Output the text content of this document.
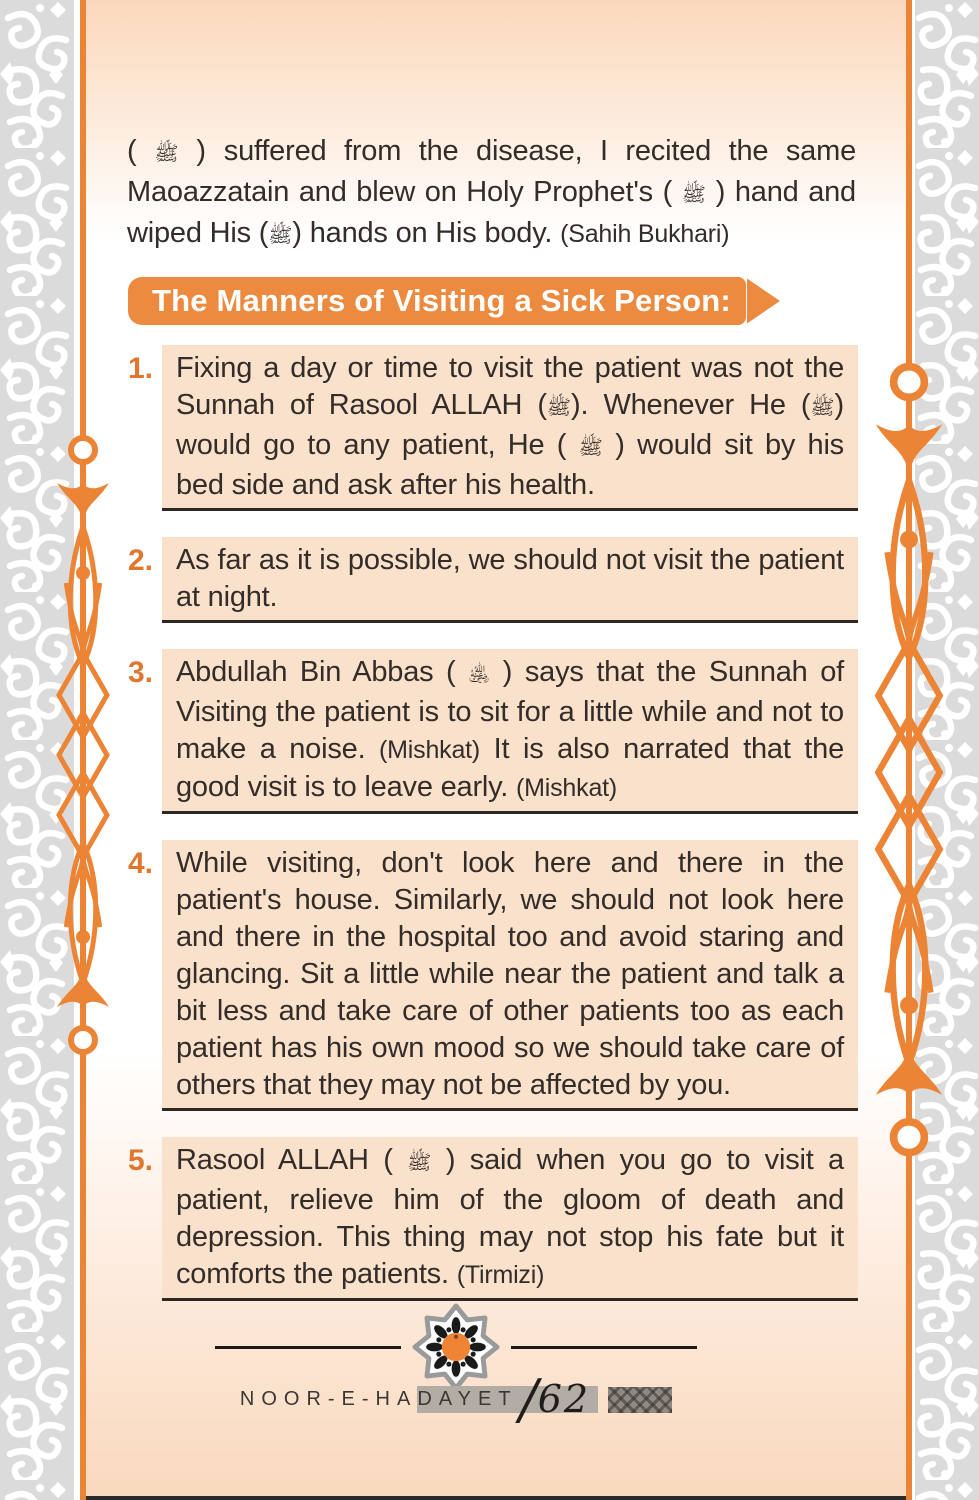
( ﷺ ) suffered from the disease, I recited the same Maoazzatain and blew on Holy Prophet's ( ﷺ ) hand and wiped His (ﷺ) hands on His body. (Sahih Bukhari)

The Manners of Visiting a Sick Person:
1. Fixing a day or time to visit the patient was not the Sunnah of Rasool ALLAH (ﷺ). Whenever He (ﷺ) would go to any patient, He ( ﷺ ) would sit by his bed side and ask after his health.
2. As far as it is possible, we should not visit the patient at night.
3. Abdullah Bin Abbas ( ﵁ ) says that the Sunnah of Visiting the patient is to sit for a little while and not to make a noise. (Mishkat) It is also narrated that the good visit is to leave early. (Mishkat)
4. While visiting, don't look here and there in the patient's house. Similarly, we should not look here and there in the hospital too and avoid staring and glancing. Sit a little while near the patient and talk a bit less and take care of other patients too as each patient has his own mood so we should take care of others that they may not be affected by you.
5. Rasool ALLAH ( ﷺ ) said when you go to visit a patient, relieve him of the gloom of death and depression. This thing may not stop his fate but it comforts the patients. (Tirmizi)
NOOR-E-HA DAYET / 62
